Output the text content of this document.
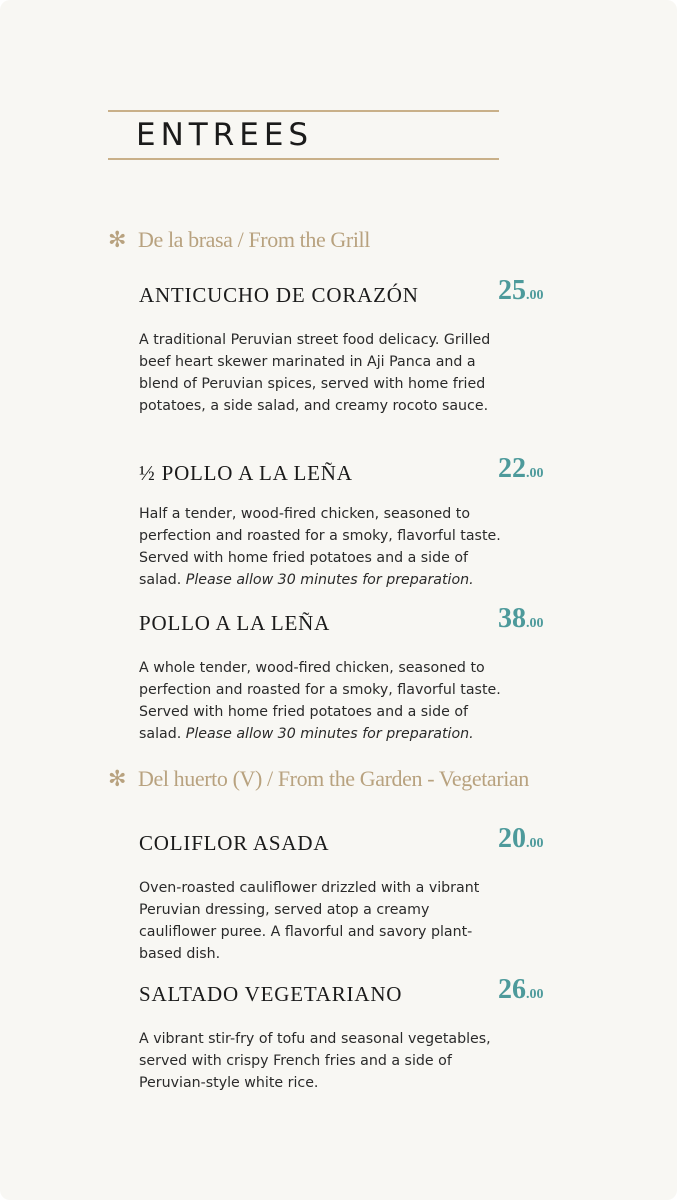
ENTREES
✻ De la brasa / From the Grill
ANTICUCHO DE CORAZÓN	25.00
A traditional Peruvian street food delicacy. Grilled beef heart skewer marinated in Aji Panca and a blend of Peruvian spices, served with home fried potatoes, a side salad, and creamy rocoto sauce.
½ POLLO A LA LEÑA	22.00
Half a tender, wood-fired chicken, seasoned to perfection and roasted for a smoky, flavorful taste. Served with home fried potatoes and a side of salad. Please allow 30 minutes for preparation.
POLLO A LA LEÑA	38.00
A whole tender, wood-fired chicken, seasoned to perfection and roasted for a smoky, flavorful taste. Served with home fried potatoes and a side of salad. Please allow 30 minutes for preparation.
✻ Del huerto (V) / From the Garden - Vegetarian
COLIFLOR ASADA	20.00
Oven-roasted cauliflower drizzled with a vibrant Peruvian dressing, served atop a creamy cauliflower puree. A flavorful and savory plant-based dish.
SALTADO VEGETARIANO	26.00
A vibrant stir-fry of tofu and seasonal vegetables, served with crispy French fries and a side of Peruvian-style white rice.
